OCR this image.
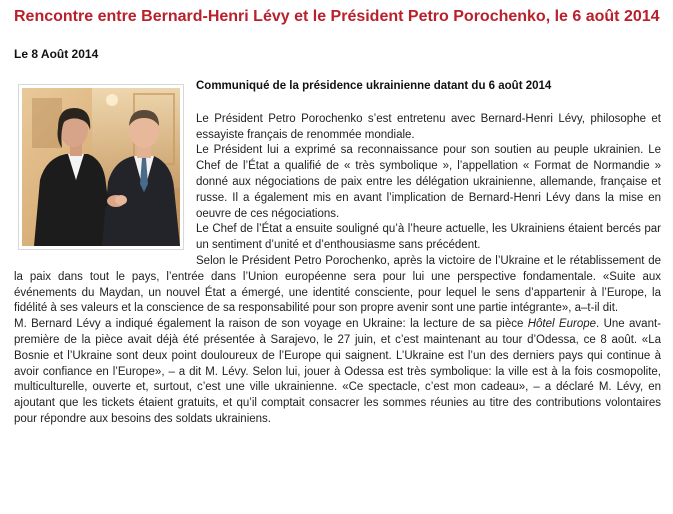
Rencontre entre Bernard-Henri Lévy et le Président Petro Porochenko, le 6 août 2014
Le 8 Août 2014

Communiqué de la présidence ukrainienne datant du 6 août 2014

Le Président Petro Porochenko s’est entretenu avec Bernard-Henri Lévy, philosophe et essayiste français de renommée mondiale.

Le Président lui a exprimé sa reconnaissance pour son soutien au peuple ukrainien. Le Chef de l’État a qualifié de « très symbolique », l’appellation « Format de Normandie » donné aux négociations de paix entre les délégation ukrainienne, allemande, française et russe. Il a également mis en avant l’implication de Bernard-Henri Lévy dans la mise en oeuvre de ces négociations.

Le Chef de l’État a ensuite souligné qu’à l’heure actuelle, les Ukrainiens étaient bercés par un sentiment d’unité et d’enthousiasme sans précédent.

Selon le Président Petro Porochenko, après la victoire de l’Ukraine et le rétablissement de la paix dans tout le pays, l’entrée dans l’Union européenne sera pour lui une perspective fondamentale. «Suite aux événements du Maydan, un nouvel État a émergé, une identité consciente, pour lequel le sens d’appartenir à l’Europe, la fidélité à ses valeurs et la conscience de sa responsabilité pour son propre avenir sont une partie intégrante», a–t-il dit.

M. Bernard Lévy a indiqué également la raison de son voyage en Ukraine: la lecture de sa pièce Hôtel Europe. Une avant-première de la pièce avait déjà été présentée à Sarajevo, le 27 juin, et c’est maintenant au tour d’Odessa, ce 8 août. «La Bosnie et l’Ukraine sont deux point douloureux de l’Europe qui saignent. L’Ukraine est l’un des derniers pays qui continue à avoir confiance en l’Europe», – a dit M. Lévy. Selon lui, jouer à Odessa est très symbolique: la ville est à la fois cosmopolite, multiculturelle, ouverte et, surtout, c’est une ville ukrainienne. «Ce spectacle, c’est mon cadeau», – a déclaré M. Lévy, en ajoutant que les tickets étaient gratuits, et qu’il comptait consacrer les sommes réunies au titre des contributions volontaires pour répondre aux besoins des soldats ukrainiens.
